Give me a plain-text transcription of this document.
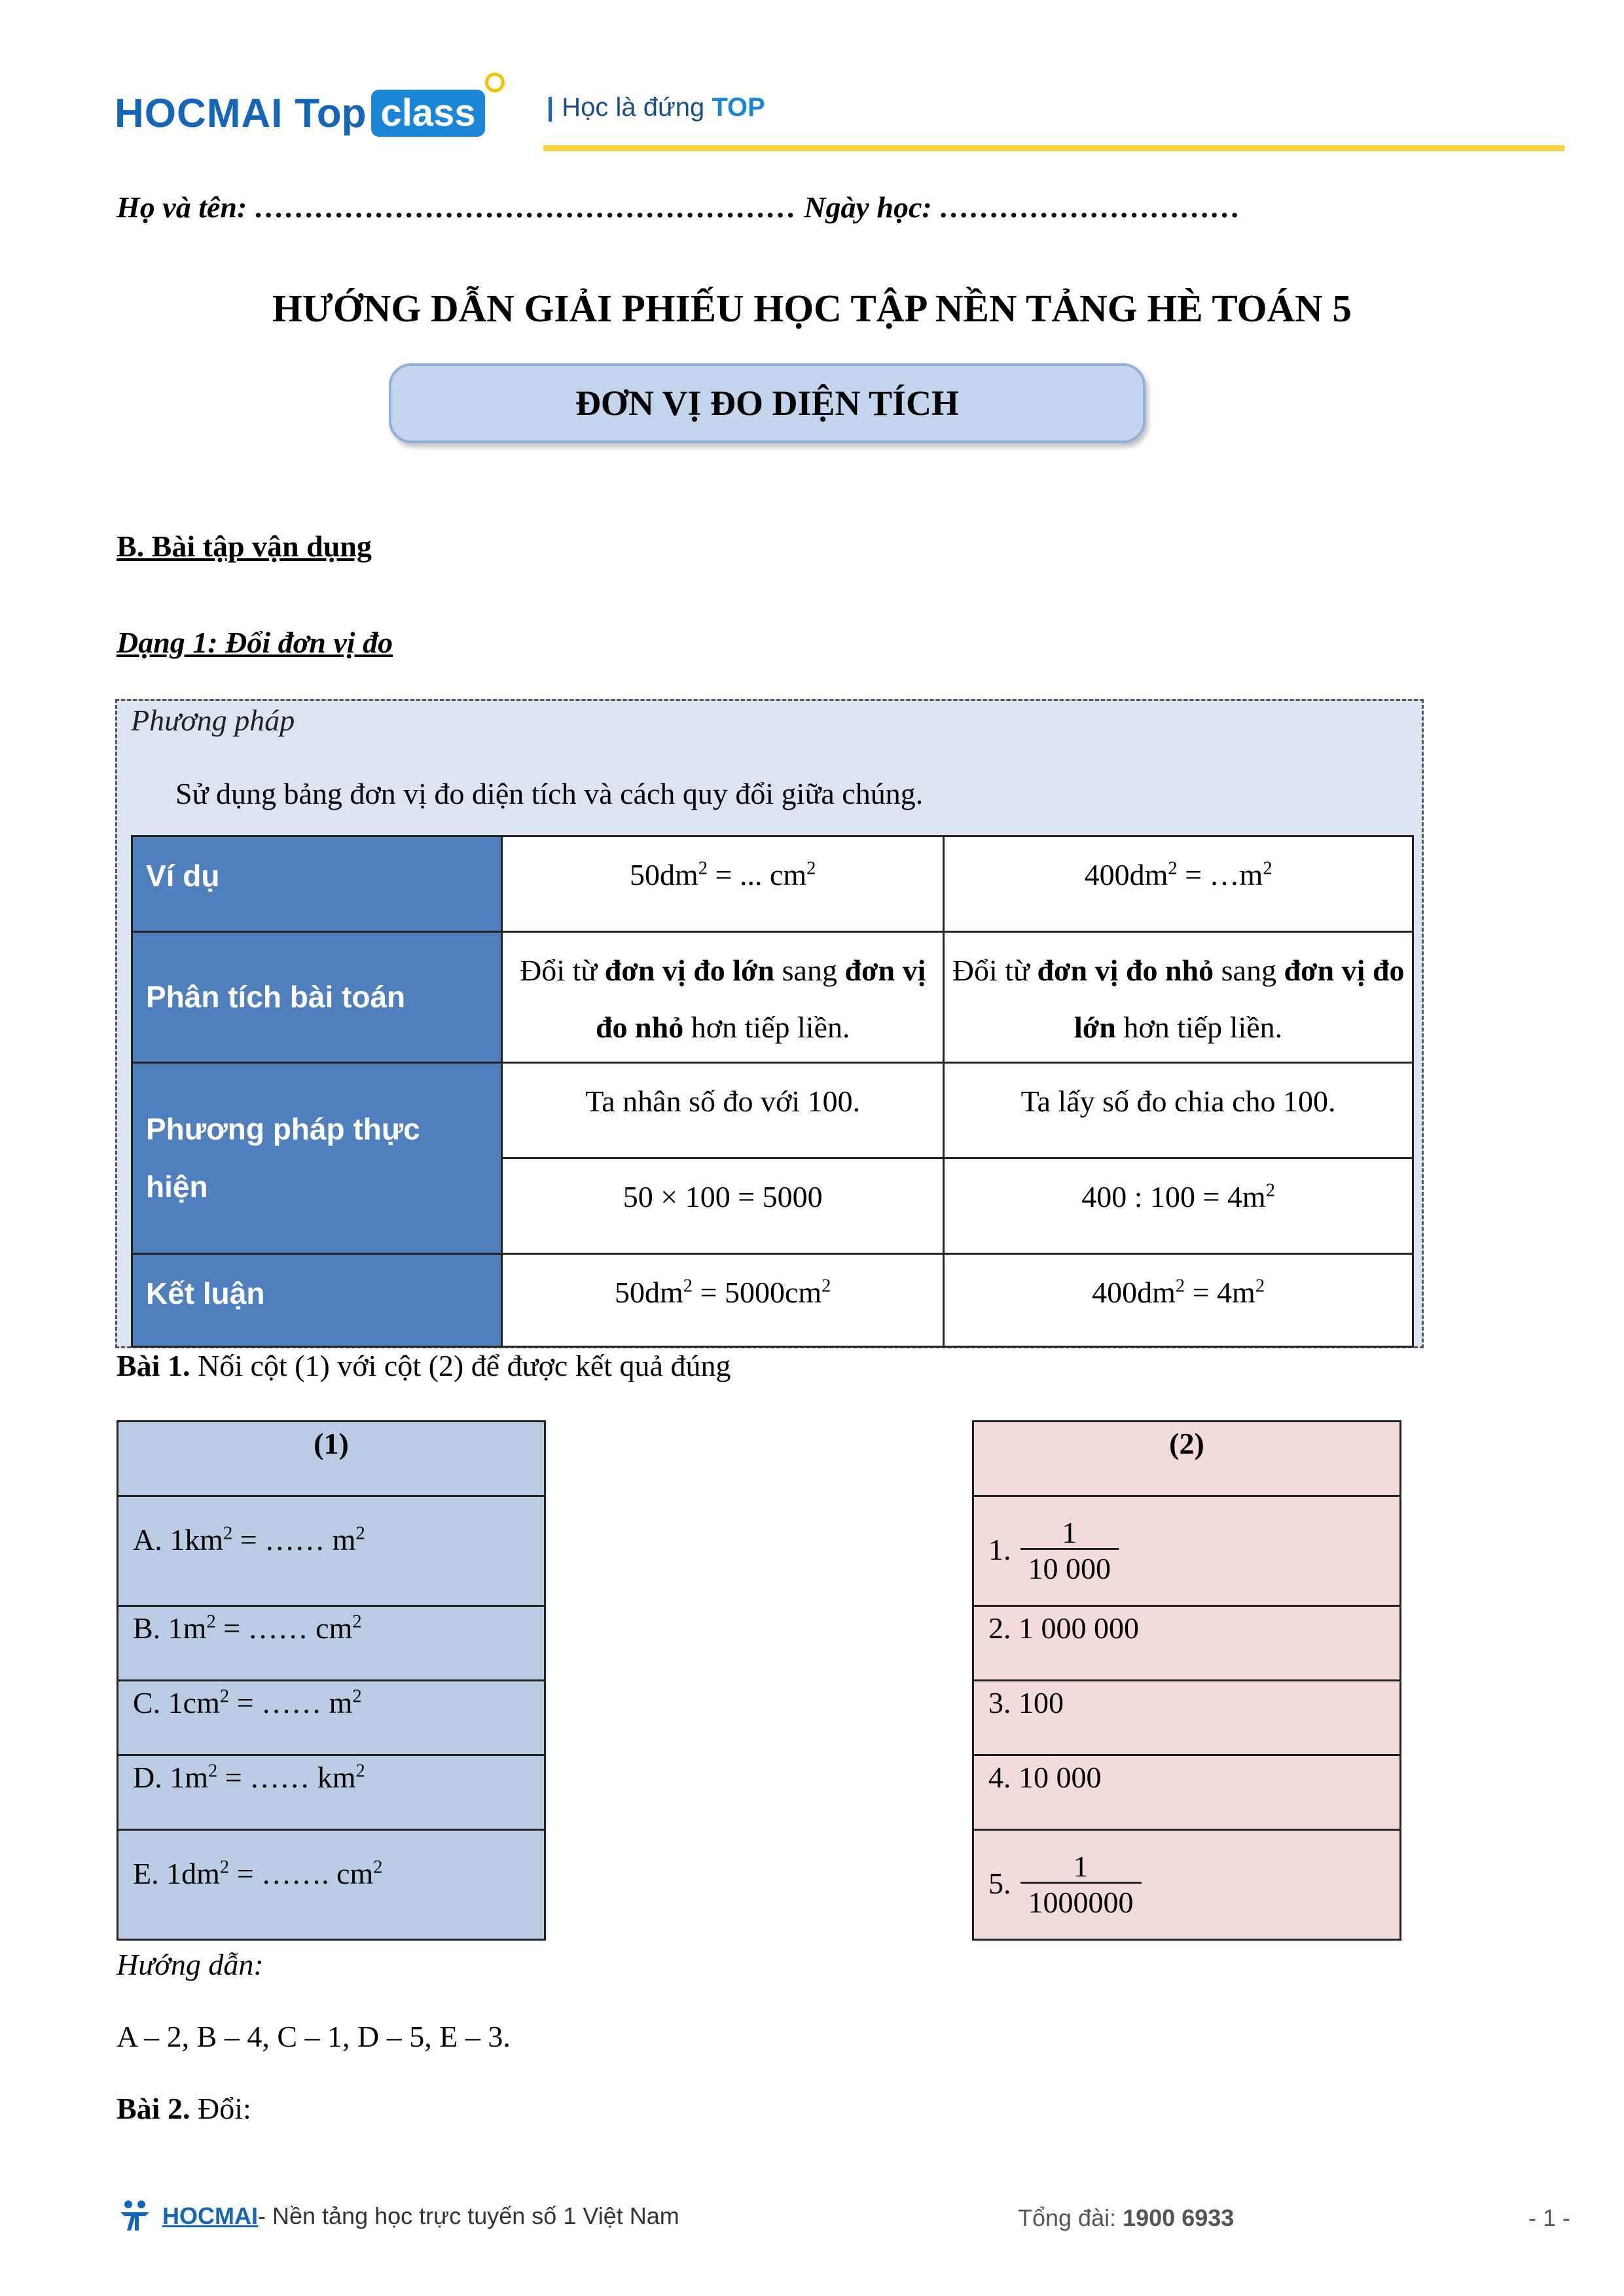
HOCMAI Top class	| Học là đứng TOP
Họ và tên: ……………………………………………… Ngày học: …………………………
HƯỚNG DẪN GIẢI PHIẾU HỌC TẬP NỀN TẢNG HÈ TOÁN 5
ĐƠN VỊ ĐO DIỆN TÍCH
B. Bài tập vận dụng
Dạng 1: Đổi đơn vị đo
Phương pháp
Sử dụng bảng đơn vị đo diện tích và cách quy đổi giữa chúng.
Ví dụ	$50dm^2$ = ... $cm^2$	$400dm^2$ = $\dots m^2$
Phân tích bài toán	Đổi từ đơn vị đo lớn sang đơn vị đo nhỏ hơn tiếp liền.	Đổi từ đơn vị đo nhỏ sang đơn vị đo lớn hơn tiếp liền.
Phương pháp thực hiện	Ta nhân số đo với 100.	Ta lấy số đo chia cho 100.
	50 × 100 = 5000	400 : $100 = 4m^2$
Kết luận	$50dm^2 = 5000cm^2$	$400dm^2 = 4m^2$
Bài 1. Nối cột (1) với cột (2) để được kết quả đúng
(1)
A. $1km^2$ = …… $m^2$
B. $1m^2$ = …… $cm^2$
C. $1cm^2$ = …… $m^2$
D. $1m^2$ = …… $km^2$
E. $1dm^2$ = ……. $cm^2$
(2)
1. $\frac{1}{10 000}$

2. 1 000 000
3. 100
4. 10 000
5. $\frac{1}{1000000}$
Hướng dẫn:
A – 2, B – 4, C – 1, D – 5, E – 3.
Bài 2. Đổi:
HOCMAI - Nền tảng học trực tuyến số 1 Việt Nam	Tổng đài: 1900 6933	- 1 -
